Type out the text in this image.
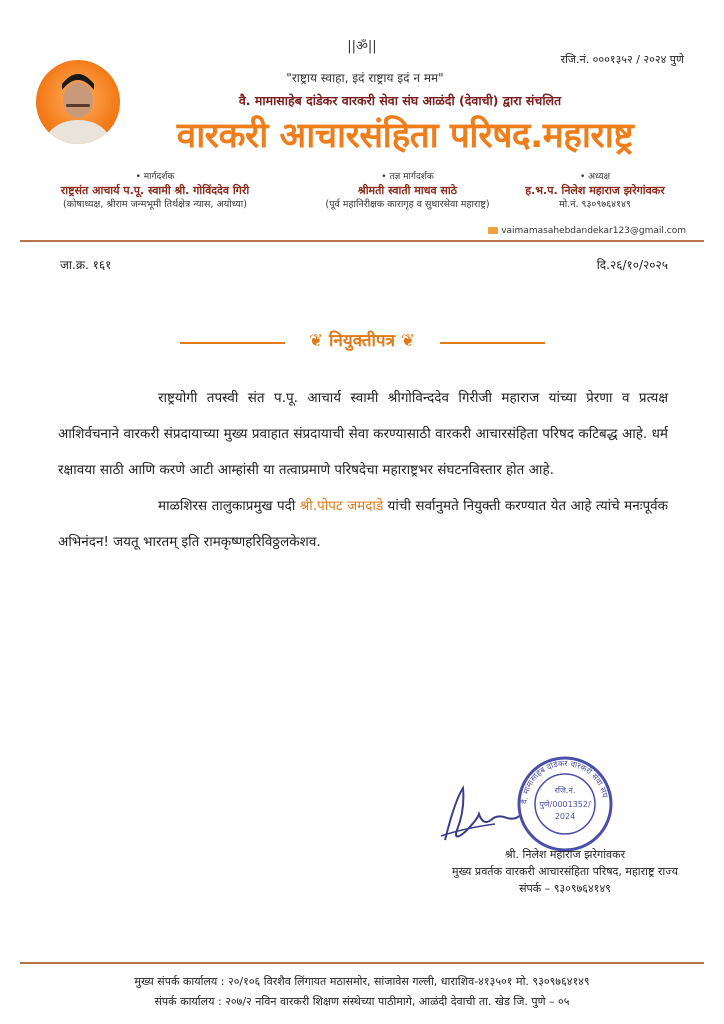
||ॐ||
रजि.नं. ०००१३५२ / २०२४ पुणे
"राष्ट्राय स्वाहा, इदं राष्ट्राय इदं न मम"
वै. मामासाहेब दांडेकर वारकरी सेवा संघ आळंदी (देवाची) द्वारा संचलित
वारकरी आचारसंहिता परिषद.महाराष्ट्र
• मार्गदर्शक
राष्ट्रसंत आचार्य प.पू. स्वामी श्री. गोविंददेव गिरी
(कोषाध्यक्ष, श्रीराम जन्मभूमी तिर्थक्षेत्र न्यास, अयोध्या)
• तज्ञ मार्गदर्शक
श्रीमती स्वाती माधव साठे
(पूर्व महानिरीक्षक कारागृह व सुधारसेवा महाराष्ट्र)
• अध्यक्ष
ह.भ.प. निलेश महाराज झरेगांवकर
मो.नं. ९३०९७६४१४९
vaimamasahebdandekar123@gmail.com
जा.क्र. १६१	दि.२६/१०/२०२५
❦ नियुक्तीपत्र ❦

राष्ट्रयोगी तपस्वी संत प.पू. आचार्य स्वामी श्रीगोविन्ददेव गिरीजी महाराज यांच्या प्रेरणा व प्रत्यक्ष आशिर्वचनाने वारकरी संप्रदायाच्या मुख्य प्रवाहात संप्रदायाची सेवा करण्यासाठी वारकरी आचारसंहिता परिषद कटिबद्ध आहे. धर्म रक्षावया साठी आणि करणे आटी आम्हांसी या तत्वाप्रमाणे परिषदेचा महाराष्ट्रभर संघटनविस्तार होत आहे.

माळशिरस तालुकाप्रमुख पदी श्री.पोपट जमदाडे यांची सर्वानुमते नियुक्ती करण्यात येत आहे त्यांचे मनःपूर्वक अभिनंदन! जयतू भारतम् इति रामकृष्णहरिविठ्ठलकेशव.

वै. मामासाहेब दांडेकर वारकरी सेवा संघ
रजि.नं.
पुणे/0001352/
2024
श्री. निलेश महाराज झरेगांवकर
मुख्य प्रवर्तक वारकरी आचारसंहिता परिषद, महाराष्ट्र राज्य
संपर्क – ९३०९७६४१४९
मुख्य संपर्क कार्यालय : २०/१०६ विरशैव लिंगायत मठासमोर, सांजावेस गल्ली, धाराशिव-४१३५०१ मो. ९३०९७६४१४९
संपर्क कार्यालय : २०७/२ नविन वारकरी शिक्षण संस्थेच्या पाठीमागे, आळंदी देवाची ता. खेड जि. पुणे – ०५
